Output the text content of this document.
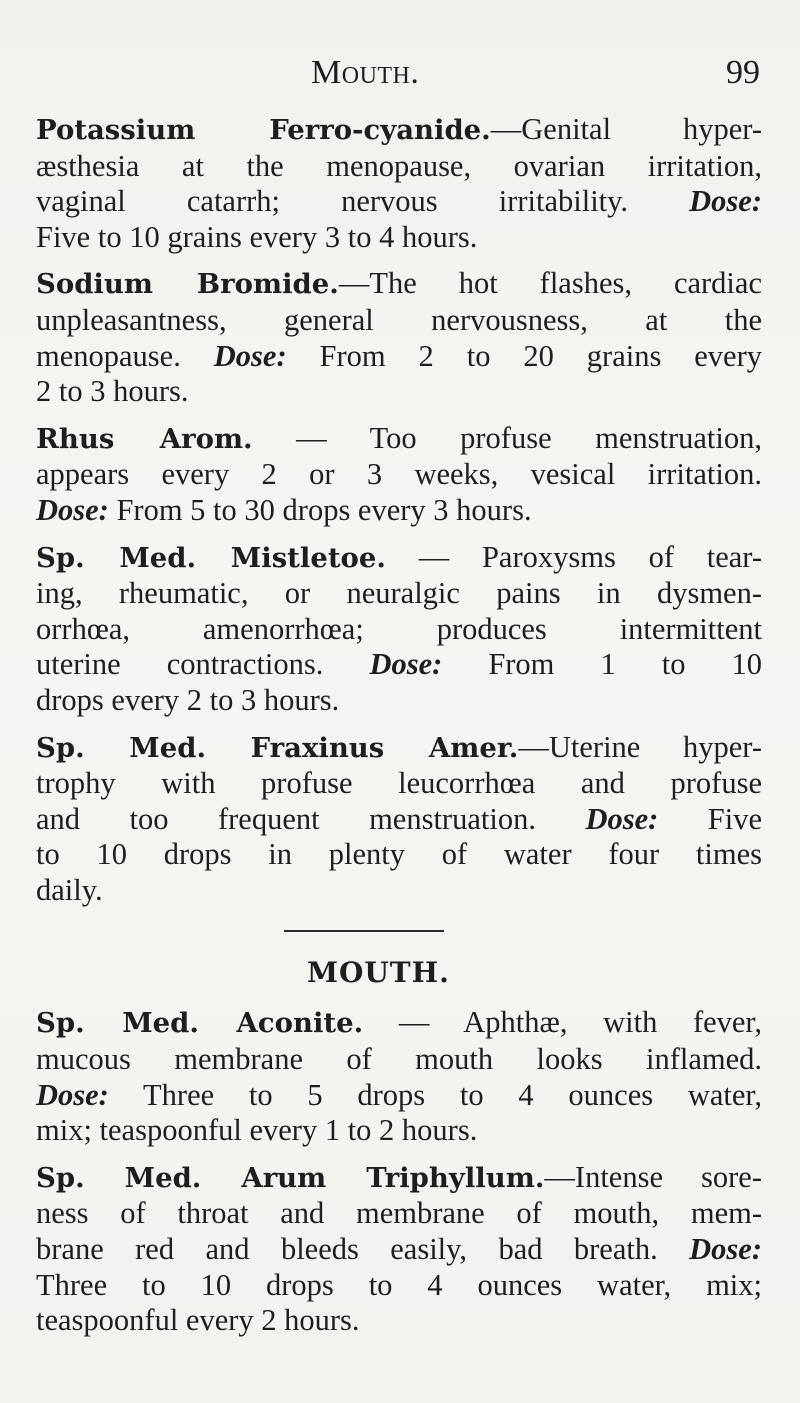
Mouth.	99
Potassium Ferro-cyanide.—Genital hyper-
æsthesia at the menopause, ovarian irritation,
vaginal catarrh; nervous irritability. Dose:
Five to 10 grains every 3 to 4 hours.
Sodium Bromide.—The hot flashes, cardiac
unpleasantness, general nervousness, at the
menopause. Dose: From 2 to 20 grains every
2 to 3 hours.
Rhus Arom. — Too profuse menstruation,
appears every 2 or 3 weeks, vesical irritation.
Dose: From 5 to 30 drops every 3 hours.
Sp. Med. Mistletoe. — Paroxysms of tear-
ing, rheumatic, or neuralgic pains in dysmen-
orrhœa, amenorrhœa; produces intermittent
uterine contractions. Dose: From 1 to 10
drops every 2 to 3 hours.
Sp. Med. Fraxinus Amer.—Uterine hyper-
trophy with profuse leucorrhœa and profuse
and too frequent menstruation. Dose: Five
to 10 drops in plenty of water four times
daily.
MOUTH.
Sp. Med. Aconite. — Aphthæ, with fever,
mucous membrane of mouth looks inflamed.
Dose: Three to 5 drops to 4 ounces water,
mix; teaspoonful every 1 to 2 hours.
Sp. Med. Arum Triphyllum.—Intense sore-
ness of throat and membrane of mouth, mem-
brane red and bleeds easily, bad breath. Dose:
Three to 10 drops to 4 ounces water, mix;
teaspoonful every 2 hours.
